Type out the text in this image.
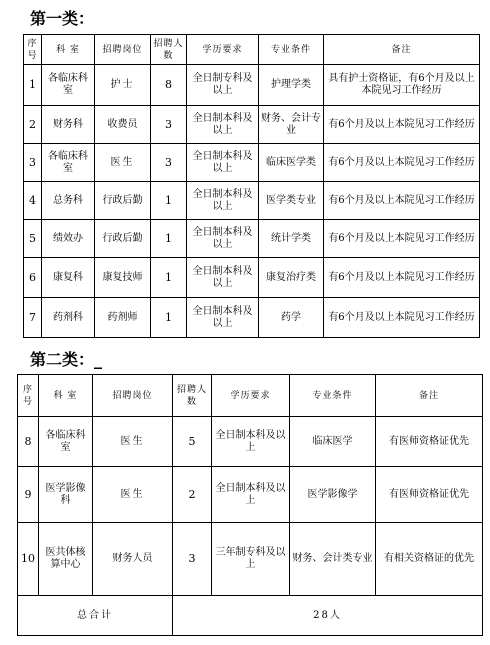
第一类：
序号	科 室	招聘岗位	招聘人数	学历要求	专业条件	备注
1	各临床科室	护士	8	全日制专科及以上	护理学类	具有护士资格证，有6个月及以上本院见习工作经历
2	财务科	收费员	3	全日制本科及以上	财务、会计专业	有6个月及以上本院见习工作经历
3	各临床科室	医生	3	全日制本科及以上	临床医学类	有6个月及以上本院见习工作经历
4	总务科	行政后勤	1	全日制本科及以上	医学类专业	有6个月及以上本院见习工作经历
5	绩效办	行政后勤	1	全日制本科及以上	统计学类	有6个月及以上本院见习工作经历
6	康复科	康复技师	1	全日制本科及以上	康复治疗类	有6个月及以上本院见习工作经历
7	药剂科	药剂师	1	全日制本科及以上	药学	有6个月及以上本院见习工作经历
第二类：_
序号	科 室	招聘岗位	招聘人数	学历要求	专业条件	备注
8	各临床科室	医生	5	全日制本科及以上	临床医学	有医师资格证优先
9	医学影像科	医生	2	全日制本科及以上	医学影像学	有医师资格证优先
10	医共体核算中心	财务人员	3	三年制专科及以上	财务、会计类专业	有相关资格证的优先
总合计			28人			
